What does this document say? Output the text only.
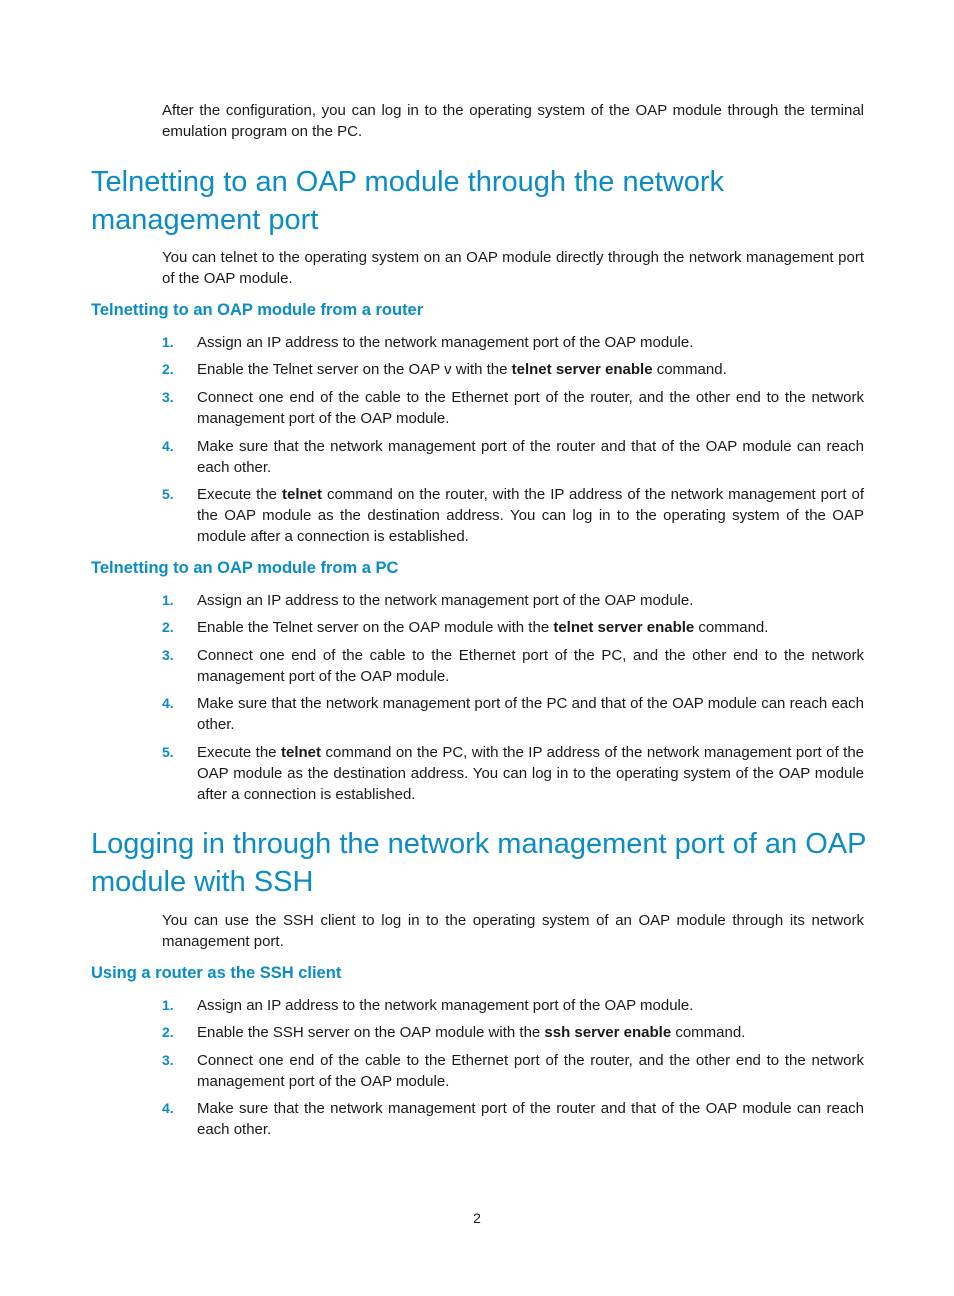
After the configuration, you can log in to the operating system of the OAP module through the terminal emulation program on the PC.
Telnetting to an OAP module through the network management port
You can telnet to the operating system on an OAP module directly through the network management port of the OAP module.
Telnetting to an OAP module from a router
1.	Assign an IP address to the network management port of the OAP module.
2.	Enable the Telnet server on the OAP v with the telnet server enable command.
3.	Connect one end of the cable to the Ethernet port of the router, and the other end to the network management port of the OAP module.
4.	Make sure that the network management port of the router and that of the OAP module can reach each other.
5.	Execute the telnet command on the router, with the IP address of the network management port of the OAP module as the destination address. You can log in to the operating system of the OAP module after a connection is established.
Telnetting to an OAP module from a PC
1.	Assign an IP address to the network management port of the OAP module.
2.	Enable the Telnet server on the OAP module with the telnet server enable command.
3.	Connect one end of the cable to the Ethernet port of the PC, and the other end to the network management port of the OAP module.
4.	Make sure that the network management port of the PC and that of the OAP module can reach each other.
5.	Execute the telnet command on the PC, with the IP address of the network management port of the OAP module as the destination address. You can log in to the operating system of the OAP module after a connection is established.
Logging in through the network management port of an OAP module with SSH
You can use the SSH client to log in to the operating system of an OAP module through its network management port.
Using a router as the SSH client
1.	Assign an IP address to the network management port of the OAP module.
2.	Enable the SSH server on the OAP module with the ssh server enable command.
3.	Connect one end of the cable to the Ethernet port of the router, and the other end to the network management port of the OAP module.
4.	Make sure that the network management port of the router and that of the OAP module can reach each other.
2
